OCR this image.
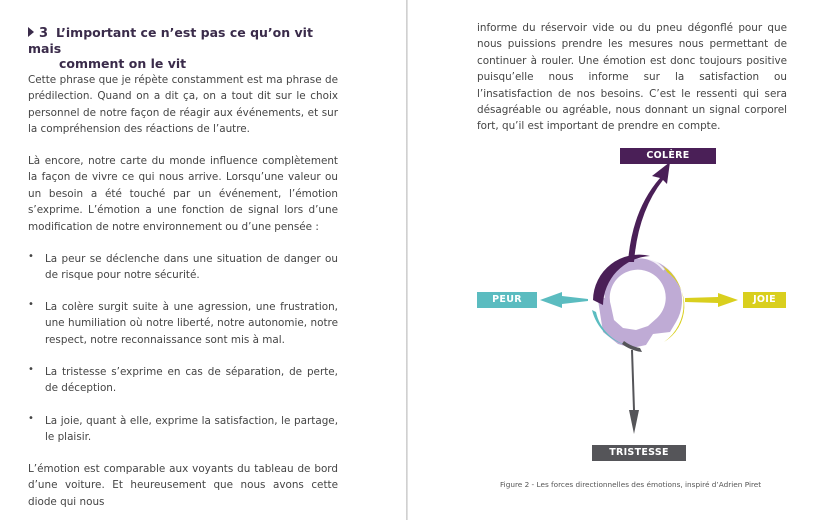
3 L’important ce n’est pas ce qu’on vit mais
comment on le vit
Cette phrase que je répète constamment est ma phrase de prédilection. Quand on a dit ça, on a tout dit sur le choix personnel de notre façon de réagir aux événements, et sur la compréhension des réactions de l’autre.
Là encore, notre carte du monde influence complètement la façon de vivre ce qui nous arrive. Lorsqu’une valeur ou un besoin a été touché par un événement, l’émotion s’exprime. L’émotion a une fonction de signal lors d’une modification de notre environnement ou d’une pensée :
• La peur se déclenche dans une situation de danger ou de risque pour notre sécurité.
• La colère surgit suite à une agression, une frustration, une humiliation où notre liberté, notre autonomie, notre respect, notre reconnaissance sont mis à mal.
• La tristesse s’exprime en cas de séparation, de perte, de déception.
• La joie, quant à elle, exprime la satisfaction, le partage, le plaisir.
L’émotion est comparable aux voyants du tableau de bord d’une voiture. Et heureusement que nous avons cette diode qui nous
informe du réservoir vide ou du pneu dégonflé pour que nous puissions prendre les mesures nous permettant de continuer à rouler. Une émotion est donc toujours positive puisqu’elle nous informe sur la satisfaction ou l’insatisfaction de nos besoins. C’est le ressenti qui sera désagréable ou agréable, nous donnant un signal corporel fort, qu’il est important de prendre en compte.
COLÈRE
PEUR	JOIE
TRISTESSE
Figure 2 - Les forces directionnelles des émotions, inspiré d’Adrien Piret
